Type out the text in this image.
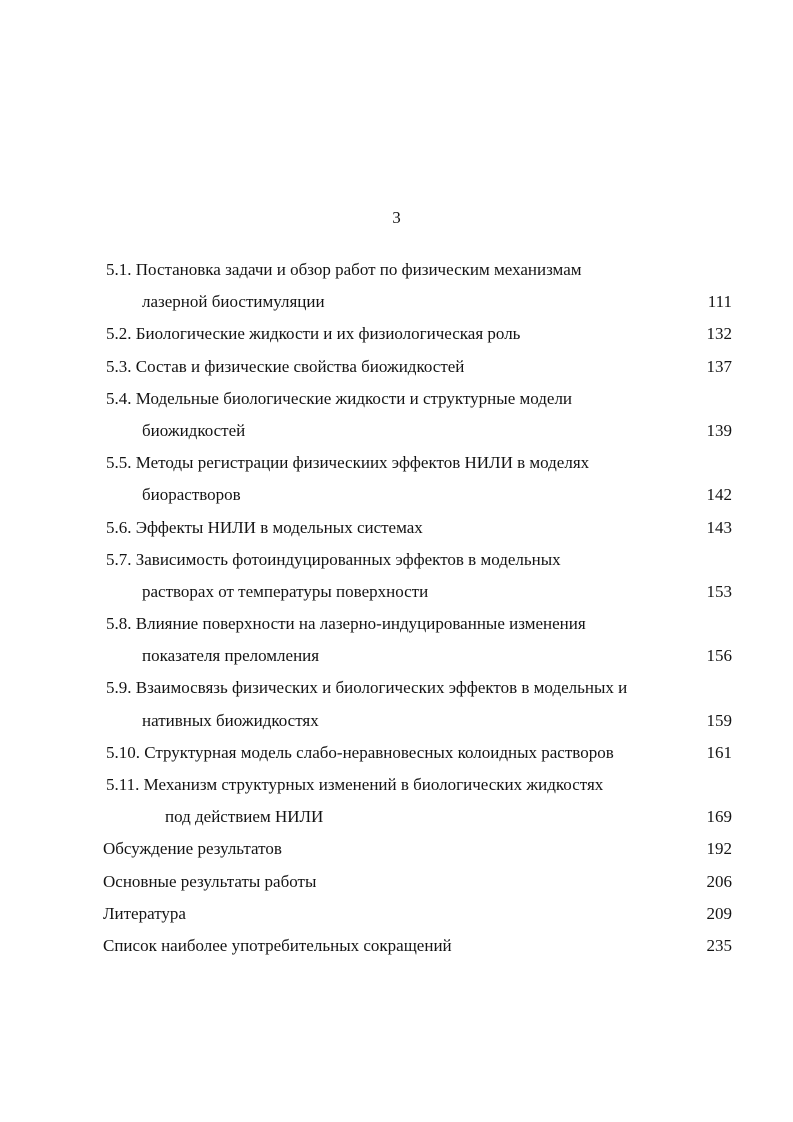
3
5.1. Постановка задачи и обзор работ по физическим механизмам
лазерной биостимуляции	111
5.2. Биологические жидкости и их физиологическая роль	132
5.3. Состав и физические свойства биожидкостей	137
5.4. Модельные биологические жидкости и структурные модели
биожидкостей	139
5.5. Методы регистрации физическиих эффектов НИЛИ в моделях
биорастворов	142
5.6. Эффекты НИЛИ в модельных системах	143
5.7. Зависимость фотоиндуцированных эффектов в модельных
растворах от температуры поверхности	153
5.8. Влияние поверхности на лазерно-индуцированные изменения
показателя преломления	156
5.9. Взаимосвязь физических и биологических эффектов в модельных и
нативных биожидкостях	159
5.10. Структурная модель слабо-неравновесных колоидных растворов	161
5.11. Механизм структурных изменений в биологических жидкостях
под действием НИЛИ	169
Обсуждение результатов	192
Основные результаты работы	206
Литература	209
Список наиболее употребительных сокращений	235
